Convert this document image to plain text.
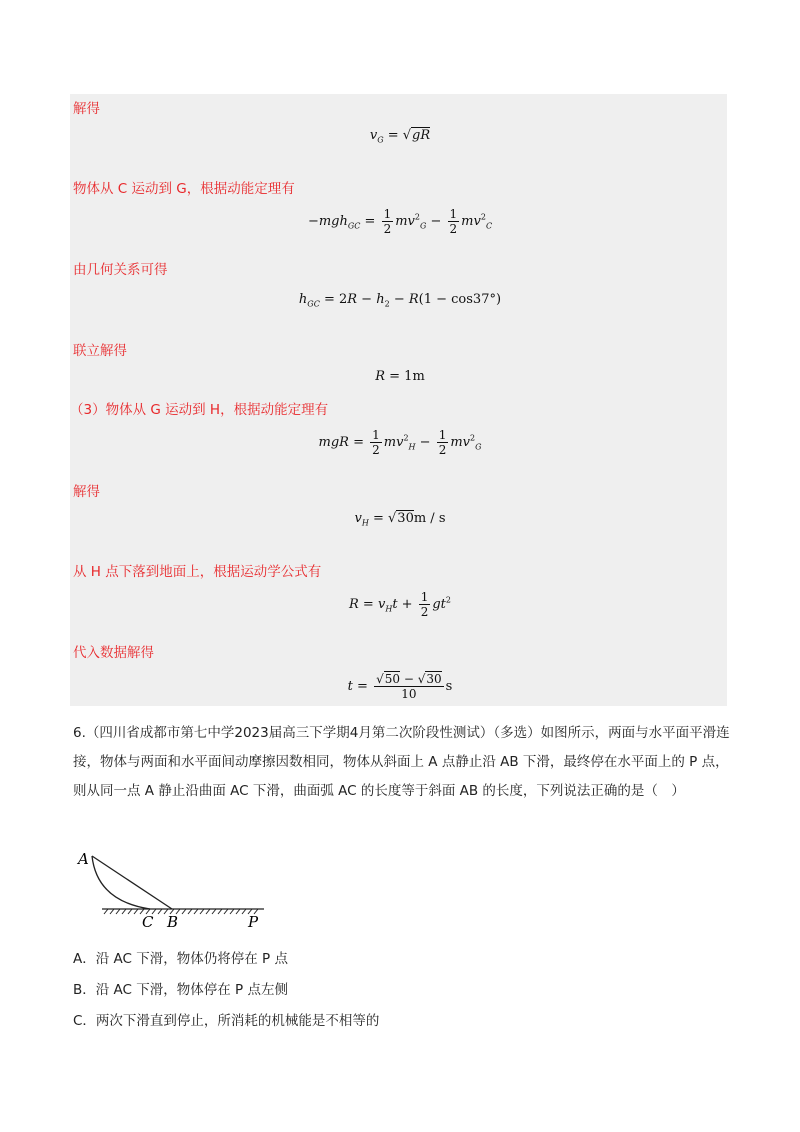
解得
$v_G = √gR$
物体从 C 运动到 G，根据动能定理有
$-mgh_{GC} = \frac{1}{2} mv^2_G - \frac{1}{2} mv^2_C$
由几何关系可得
$h_{GC} = 2R - h_2 - R(1 - \cos 37^\circ)$
联立解得
R = 1m
（3）物体从 G 运动到 H，根据动能定理有
mgR = $\frac{1}{2} mv^2_H - \frac{1}{2} mv^2_G$
解得
$v_H = √30m / s$
从 H 点下落到地面上，根据运动学公式有
$R = v_Ht + \frac{1}{2} gt^2$
代入数据解得
$t = \frac{√50 - √30}{10}$ s
6.（四川省成都市第七中学2023届高三下学期4月第二次阶段性测试）（多选）如图所示，两面与水平面平滑连接，物体与两面和水平面间动摩擦因数相同，物体从斜面上 A 点静止沿 AB 下滑，最终停在水平面上的 P 点，则从同一点 A 静止沿曲面 AC 下滑，曲面弧 AC 的长度等于斜面 AB 的长度，下列说法正确的是（　）
A
C B	P
A．沿 AC 下滑，物体仍将停在 P 点
B．沿 AC 下滑，物体停在 P 点左侧
C．两次下滑直到停止，所消耗的机械能是不相等的
